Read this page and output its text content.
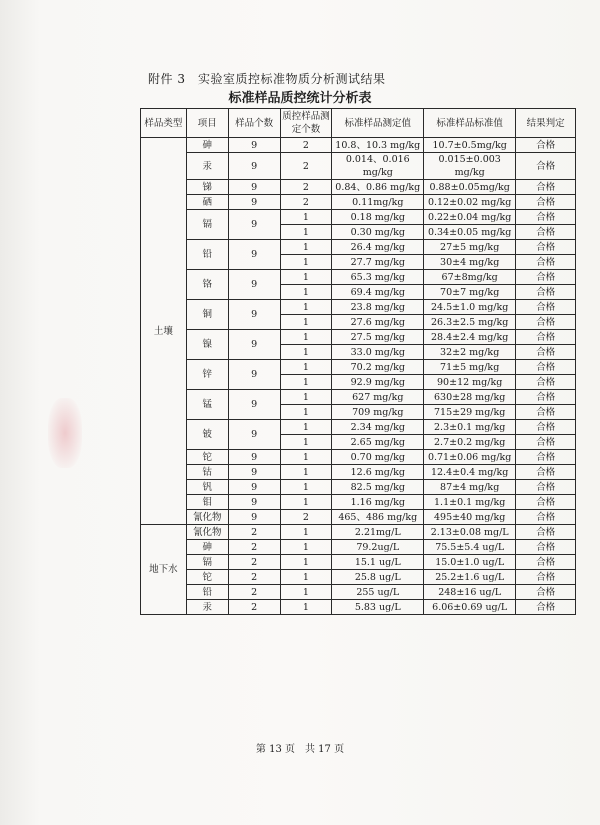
附件 3　实验室质控标准物质分析测试结果
标准样品质控统计分析表
样品类型	项目	样品个数	质控样品测定个数	标准样品测定值	标准样品标准值	结果判定
土壤	砷	9	2	10.8、10.3 mg/kg	10.7±0.5mg/kg	合格
	汞	9	2	0.014、0.016 mg/kg	0.015±0.003 mg/kg	合格
	锑	9	2	0.84、0.86 mg/kg	0.88±0.05mg/kg	合格
	硒	9	2	0.11mg/kg	0.12±0.02 mg/kg	合格
	镉	9	1	0.18 mg/kg	0.22±0.04 mg/kg	合格
			1	0.30 mg/kg	0.34±0.05 mg/kg	合格
	铅	9	1	26.4 mg/kg	27±5 mg/kg	合格
			1	27.7 mg/kg	30±4 mg/kg	合格
	铬	9	1	65.3 mg/kg	67±8mg/kg	合格
			1	69.4 mg/kg	70±7 mg/kg	合格
	铜	9	1	23.8 mg/kg	24.5±1.0 mg/kg	合格
			1	27.6 mg/kg	26.3±2.5 mg/kg	合格
	镍	9	1	27.5 mg/kg	28.4±2.4 mg/kg	合格
			1	33.0 mg/kg	32±2 mg/kg	合格
	锌	9	1	70.2 mg/kg	71±5 mg/kg	合格
			1	92.9 mg/kg	90±12 mg/kg	合格
	锰	9	1	627 mg/kg	630±28 mg/kg	合格
			1	709 mg/kg	715±29 mg/kg	合格
	铍	9	1	2.34 mg/kg	2.3±0.1 mg/kg	合格
			1	2.65 mg/kg	2.7±0.2 mg/kg	合格
	铊	9	1	0.70 mg/kg	0.71±0.06 mg/kg	合格
	钴	9	1	12.6 mg/kg	12.4±0.4 mg/kg	合格
	钒	9	1	82.5 mg/kg	87±4 mg/kg	合格
	钼	9	1	1.16 mg/kg	1.1±0.1 mg/kg	合格
	氰化物	9	2	465、486 mg/kg	495±40 mg/kg	合格
地下水	氰化物	2	1	2.21mg/L	2.13±0.08 mg/L	合格
	砷	2	1	79.2ug/L	75.5±5.4 ug/L	合格
	镉	2	1	15.1 ug/L	15.0±1.0 ug/L	合格
	铊	2	1	25.8 ug/L	25.2±1.6 ug/L	合格
	铅	2	1	255 ug/L	248±16 ug/L	合格
	汞	2	1	5.83 ug/L	6.06±0.69 ug/L	合格
第 13 页　共 17 页
